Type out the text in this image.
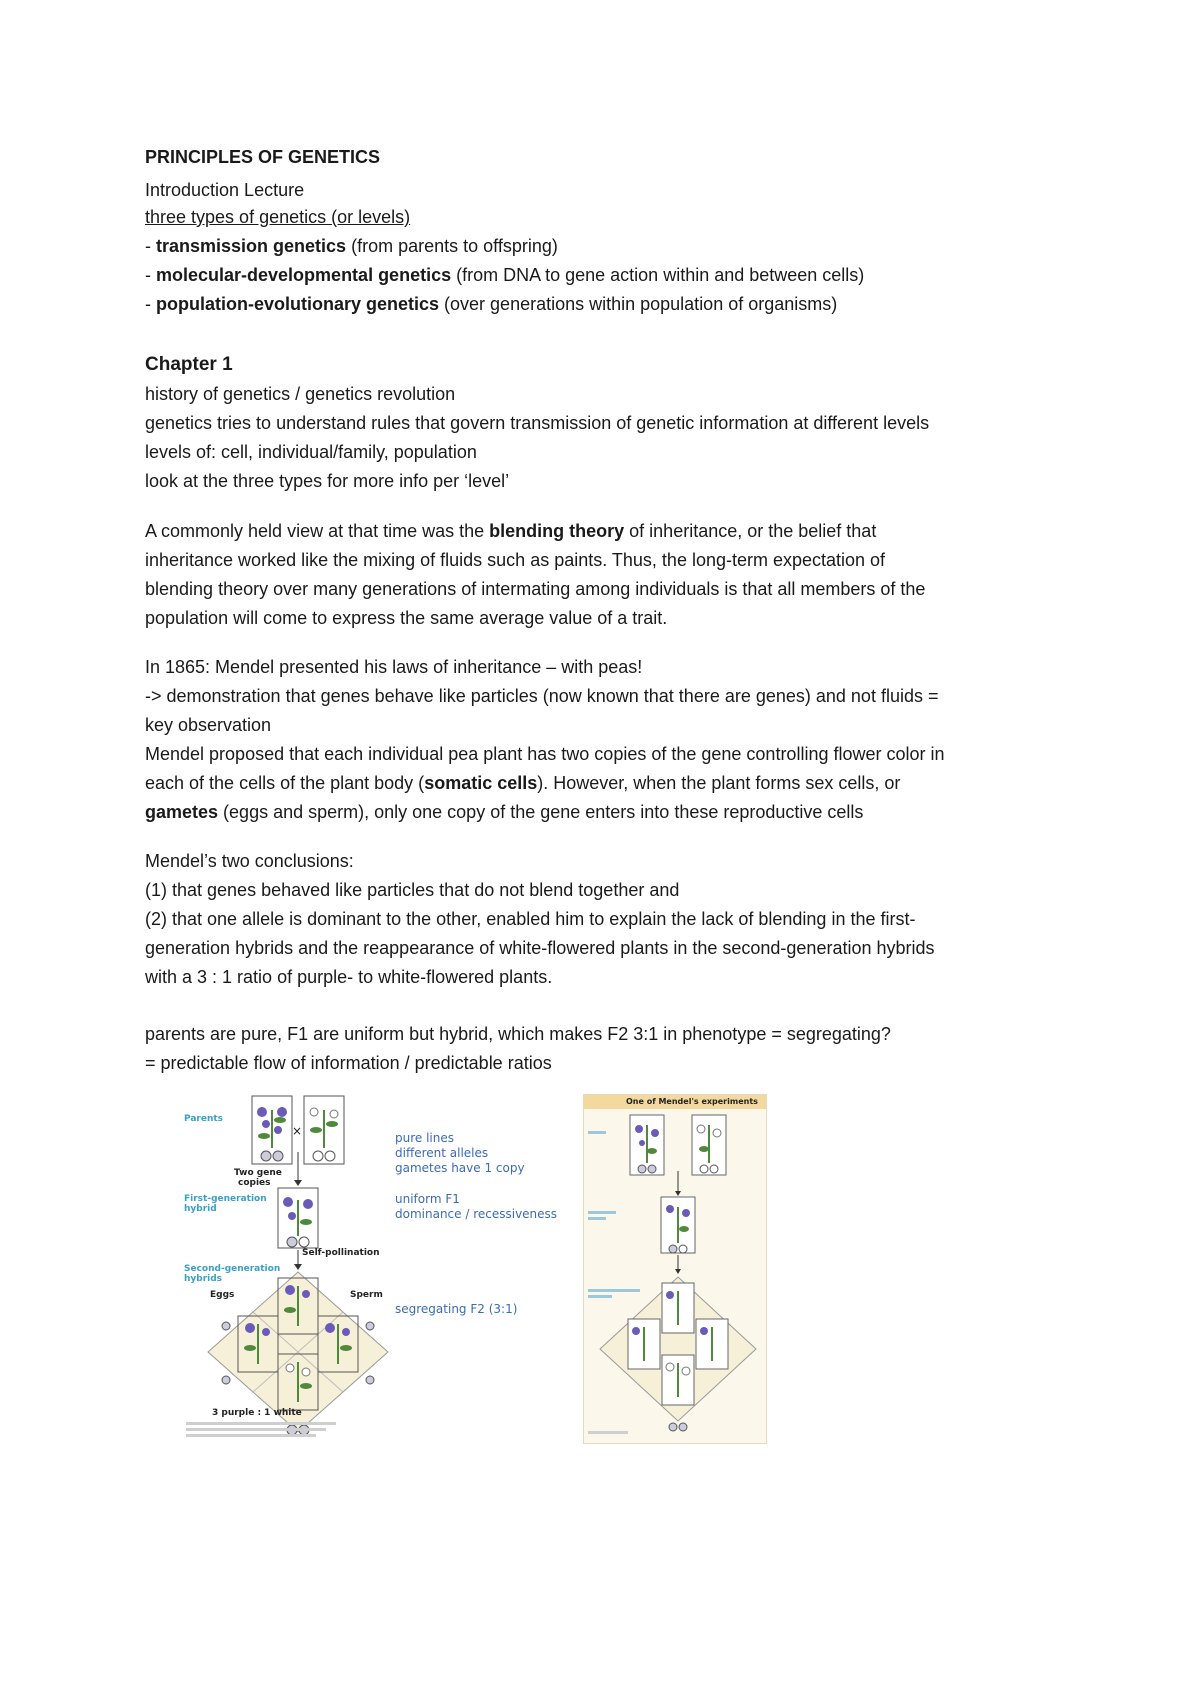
PRINCIPLES OF GENETICS
Introduction Lecture
three types of genetics (or levels)
- transmission genetics (from parents to offspring)
- molecular-developmental genetics (from DNA to gene action within and between cells)
- population-evolutionary genetics (over generations within population of organisms)
Chapter 1
history of genetics / genetics revolution
genetics tries to understand rules that govern transmission of genetic information at different levels
levels of: cell, individual/family, population
look at the three types for more info per ‘level’
A commonly held view at that time was the blending theory of inheritance, or the belief that
inheritance worked like the mixing of fluids such as paints. Thus, the long-term expectation of
blending theory over many generations of intermating among individuals is that all members of the
population will come to express the same average value of a trait.
In 1865: Mendel presented his laws of inheritance – with peas!
-> demonstration that genes behave like particles (now known that there are genes) and not fluids =
key observation
Mendel proposed that each individual pea plant has two copies of the gene controlling flower color in
each of the cells of the plant body (somatic cells). However, when the plant forms sex cells, or
gametes (eggs and sperm), only one copy of the gene enters into these reproductive cells
Mendel’s two conclusions:
(1) that genes behaved like particles that do not blend together and
(2) that one allele is dominant to the other, enabled him to explain the lack of blending in the first-
generation hybrids and the reappearance of white-flowered plants in the second-generation hybrids
with a 3 : 1 ratio of purple- to white-flowered plants.
parents are pure, F1 are uniform but hybrid, which makes F2 3:1 in phenotype = segregating?
= predictable flow of information / predictable ratios
Parents
×
Two gene
copies
First-generation
hybrid
Self-pollination
Second-generation
hybrids
Eggs	Sperm
3 purple : 1 white
pure lines
different alleles
gametes have 1 copy
uniform F1
dominance / recessiveness
segregating F2 (3:1)
One of Mendel's experiments
